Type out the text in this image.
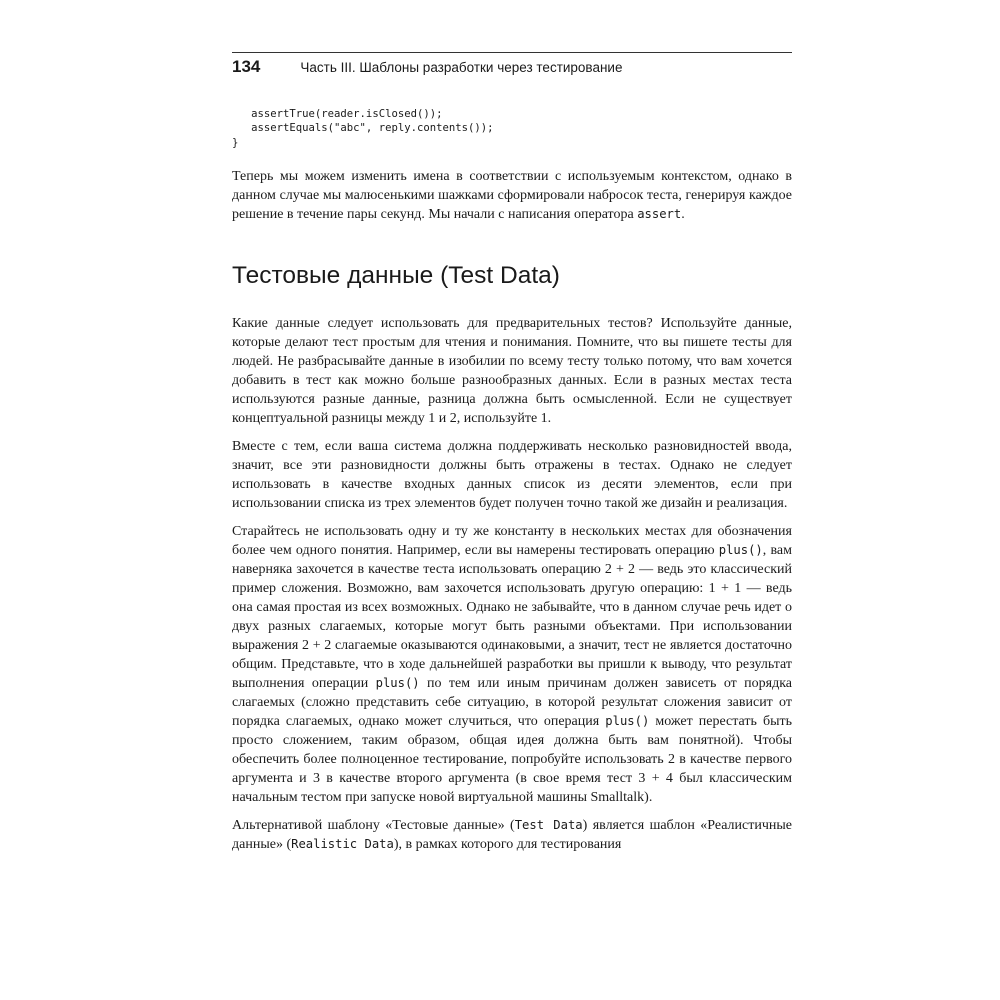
134	Часть III. Шаблоны разработки через тестирование
assertTrue(reader.isClosed());
assertEquals("abc", reply.contents());
}

Теперь мы можем изменить имена в соответствии с используемым контекстом, однако в данном случае мы малюсенькими шажками сформировали набросок теста, генерируя каждое решение в течение пары секунд. Мы начали с написания оператора assert.

Тестовые данные (Test Data)

Какие данные следует использовать для предварительных тестов? Используйте данные, которые делают тест простым для чтения и понимания. Помните, что вы пишете тесты для людей. Не разбрасывайте данные в изобилии по всему тесту только потому, что вам хочется добавить в тест как можно больше разнообразных данных. Если в разных местах теста используются разные данные, разница должна быть осмысленной. Если не существует концептуальной разницы между 1 и 2, используйте 1.

Вместе с тем, если ваша система должна поддерживать несколько разновидностей ввода, значит, все эти разновидности должны быть отражены в тестах. Однако не следует использовать в качестве входных данных список из десяти элементов, если при использовании списка из трех элементов будет получен точно такой же дизайн и реализация.

Старайтесь не использовать одну и ту же константу в нескольких местах для обозначения более чем одного понятия. Например, если вы намерены тестировать операцию plus(), вам наверняка захочется в качестве теста использовать операцию 2 + 2 — ведь это классический пример сложения. Возможно, вам захочется использовать другую операцию: 1 + 1 — ведь она самая простая из всех возможных. Однако не забывайте, что в данном случае речь идет о двух разных слагаемых, которые могут быть разными объектами. При использовании выражения 2 + 2 слагаемые оказываются одинаковыми, а значит, тест не является достаточно общим. Представьте, что в ходе дальнейшей разработки вы пришли к выводу, что результат выполнения операции plus() по тем или иным причинам должен зависеть от порядка слагаемых (сложно представить себе ситуацию, в которой результат сложения зависит от порядка слагаемых, однако может случиться, что операция plus() может перестать быть просто сложением, таким образом, общая идея должна быть вам понятной). Чтобы обеспечить более полноценное тестирование, попробуйте использовать 2 в качестве первого аргумента и 3 в качестве второго аргумента (в свое время тест 3 + 4 был классическим начальным тестом при запуске новой виртуальной машины Smalltalk).

Альтернативой шаблону «Тестовые данные» (Test Data) является шаблон «Реалистичные данные» (Realistic Data), в рамках которого для тестирования
